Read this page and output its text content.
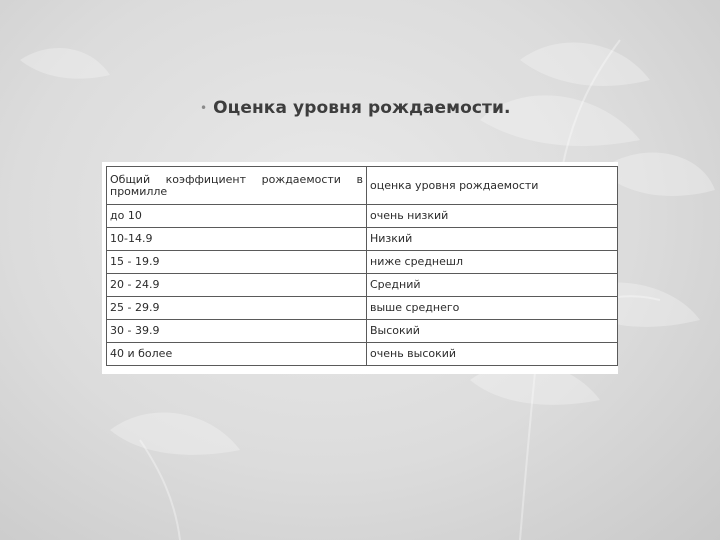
• Оценка уровня рождаемости.
Общий коэффициент рождаемости в промилле	оценка уровня рождаемости
до 10	очень низкий
10-14.9	Низкий
15 - 19.9	ниже среднешл
20 - 24.9	Средний
25 - 29.9	выше среднего
30 - 39.9	Высокий
40 и более	очень высокий
